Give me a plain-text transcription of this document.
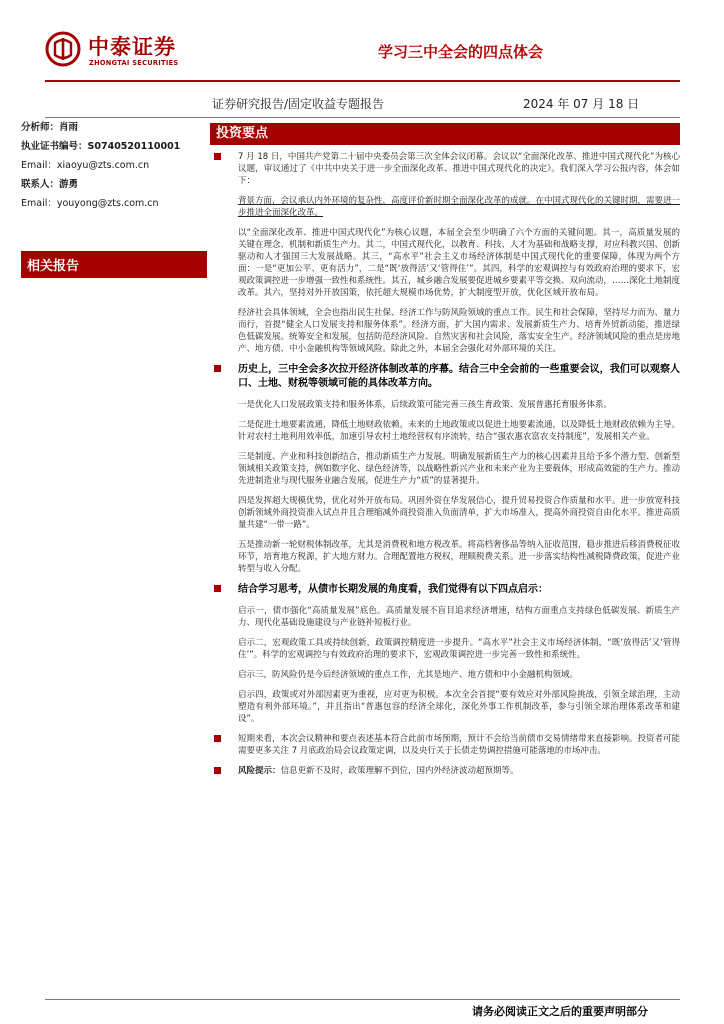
中泰证券
ZHONGTAI SECURITIES
学习三中全会的四点体会
证券研究报告/固定收益专题报告	2024 年 07 月 18 日
分析师：肖雨
执业证书编号：S0740520110001
Email：xiaoyu@zts.com.cn
联系人：游勇
Email：youyong@zts.com.cn
相关报告
投资要点

7 月 18 日，中国共产党第二十届中央委员会第三次全体会议闭幕。会议以“全面深化改革、推进中国式现代化”为核心议题，审议通过了《中共中央关于进一步全面深化改革、推进中国式现代化的决定》。我们深入学习公报内容，体会如下：

背景方面，会议承认内外环境的复杂性，高度评价新时期全面深化改革的成就。在中国式现代化的关键时期，需要进一步推进全面深化改革。

以“全面深化改革、推进中国式现代化”为核心议题，本届全会至少明确了六个方面的关键问题。其一，高质量发展的关键在理念、机制和新质生产力。其二，中国式现代化，以教育、科技、人才为基础和战略支撑，对应科教兴国、创新驱动和人才强国三大发展战略。其三，“高水平”社会主义市场经济体制是中国式现代化的重要保障，体现为两个方面：一是“更加公平、更有活力”，二是“既‘放得活’又‘管得住’”。其四，科学的宏观调控与有效政府治理的要求下，宏观政策调控进一步增强一致性和系统性。其五，城乡融合发展要促进城乡要素平等交换、双向流动，……深化土地制度改革。其六，坚持对外开放国策，依托超大规模市场优势，扩大制度型开放，优化区域开放布局。

经济社会具体领域，全会也指出民生社保、经济工作与防风险领域的重点工作。民生和社会保障，坚持尽力而为、量力而行，首提“健全人口发展支持和服务体系”。经济方面，扩大国内需求、发展新质生产力、培育外贸新动能，推进绿色低碳发展。统筹安全和发展，包括防范经济风险、自然灾害和社会风险，落实安全生产。经济领域风险的重点是房地产、地方债、中小金融机构等领域风险。除此之外，本届全会强化对外部环境的关注。

历史上，三中全会多次拉开经济体制改革的序幕。结合三中全会前的一些重要会议，我们可以观察人口、土地、财税等领域可能的具体改革方向。

一是优化人口发展政策支持和服务体系，后续政策可能完善三孩生育政策、发展普惠托育服务体系。

二是促进土地要素流通，降低土地财政依赖。未来的土地政策或以促进土地要素流通，以及降低土地财政依赖为主导。针对农村土地利用效率低，加速引导农村土地经营权有序流转，结合“强农惠农富农支持制度”，发展相关产业。

三是制度、产业和科技创新结合，推动新质生产力发展。明确发展新质生产力的核心因素并且给予多个潜力型、创新型领域相关政策支持，例如数字化、绿色经济等，以战略性新兴产业和未来产业为主要载体，形成高效能的生产力。推动先进制造业与现代服务业融合发展，促进生产力“质”的显著提升。

四是发挥超大规模优势，优化对外开放布局。巩固外资在华发展信心，提升贸易投资合作质量和水平。进一步放宽科技创新领域外商投资准入试点并且合理缩减外商投资准入负面清单，扩大市场准入，提高外商投资自由化水平。推进高质量共建“一带一路”。

五是推动新一轮财税体制改革，尤其是消费税和地方税改革。将高档奢侈品等纳入征收范围，稳步推进后移消费税征收环节，培育地方税源，扩大地方财力。合理配置地方税权，理顺税费关系。进一步落实结构性减税降费政策，促进产业转型与收入分配。

结合学习思考，从债市长期发展的角度看，我们觉得有以下四点启示：

启示一，债市强化“高质量发展”底色。高质量发展不盲目追求经济增速，结构方面重点支持绿色低碳发展、新质生产力、现代化基础设施建设与产业链补短板行业。

启示二，宏观政策工具或持续创新，政策调控精度进一步提升。“高水平”社会主义市场经济体制，“既‘放得活’又‘管得住’”。科学的宏观调控与有效政府治理的要求下，宏观政策调控进一步完善一致性和系统性。

启示三，防风险仍是今后经济领域的重点工作，尤其是地产、地方债和中小金融机构领域。

启示四，政策或对外部因素更为重视，应对更为积极。本次全会首提“要有效应对外部风险挑战，引领全球治理，主动塑造有利外部环境。”，并且指出“普惠包容的经济全球化，深化外事工作机制改革，参与引领全球治理体系改革和建设”。

短期来看，本次会议精神和要点表述基本符合此前市场预期，预计不会给当前债市交易情绪带来直接影响。投资者可能需要更多关注 7 月底政治局会议政策定调，以及央行关于长债走势调控措施可能落地的市场冲击。

风险提示：信息更新不及时，政策理解不到位，国内外经济波动超预期等。

请务必阅读正文之后的重要声明部分
